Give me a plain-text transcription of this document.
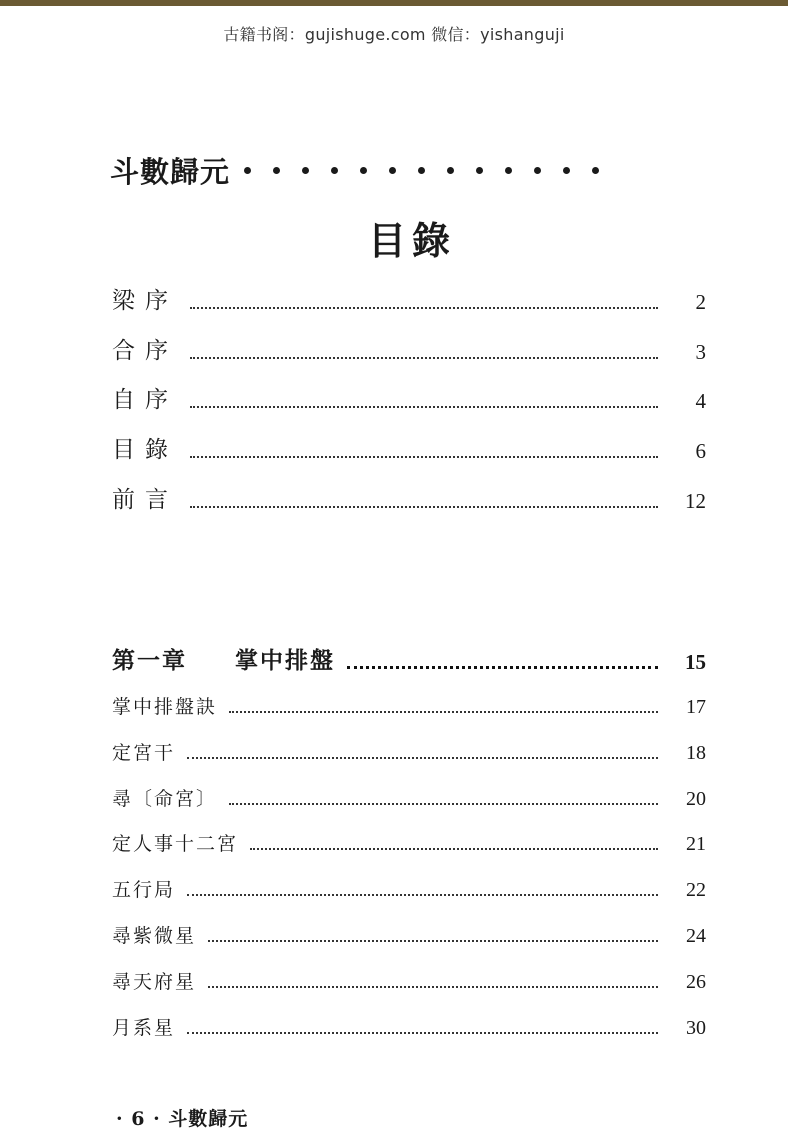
古籍书阁：gujishuge.com 微信：yishanguji
斗數歸元
目錄
梁序	2
合序	3
自序	4
目錄	6
前言	12
第一章 掌中排盤	15
掌中排盤訣	17
定宮干	18
尋〔命宮〕	20
定人事十二宮	21
五行局	22
尋紫微星	24
尋天府星	26
月系星	30
· 6 · 斗數歸元
